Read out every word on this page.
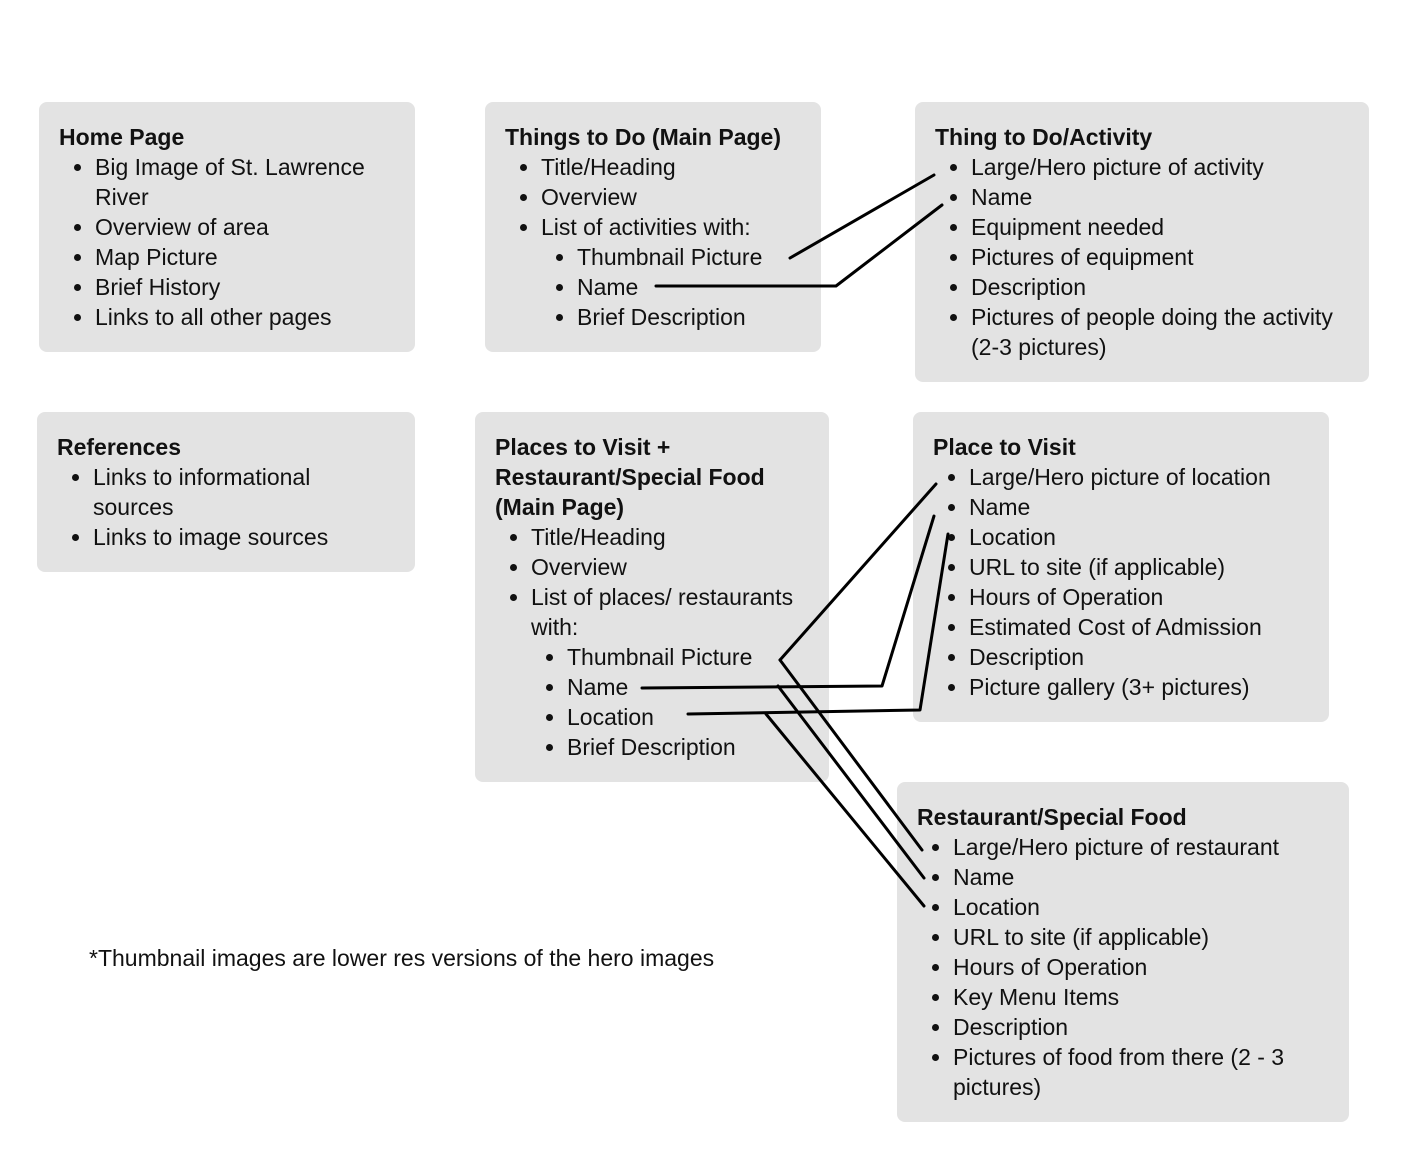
Home Page
• Big Image of St. Lawrence River
• Overview of area
• Map Picture
• Brief History
• Links to all other pages
Things to Do (Main Page)
• Title/Heading
• Overview
• List of activities with:
• Thumbnail Picture
• Name
• Brief Description
Thing to Do/Activity
• Large/Hero picture of activity
• Name
• Equipment needed
• Pictures of equipment
• Description
• Pictures of people doing the activity (2-3 pictures)
References
• Links to informational sources
• Links to image sources
Places to Visit + Restaurant/Special Food (Main Page)
• Title/Heading
• Overview
• List of places/ restaurants with:
• Thumbnail Picture
• Name
• Location
• Brief Description
Place to Visit
• Large/Hero picture of location
• Name
• Location
• URL to site (if applicable)
• Hours of Operation
• Estimated Cost of Admission
• Description
• Picture gallery (3+ pictures)
Restaurant/Special Food
• Large/Hero picture of restaurant
• Name
• Location
• URL to site (if applicable)
• Hours of Operation
• Key Menu Items
• Description
• Pictures of food from there (2 - 3 pictures)
*Thumbnail images are lower res versions of the hero images
